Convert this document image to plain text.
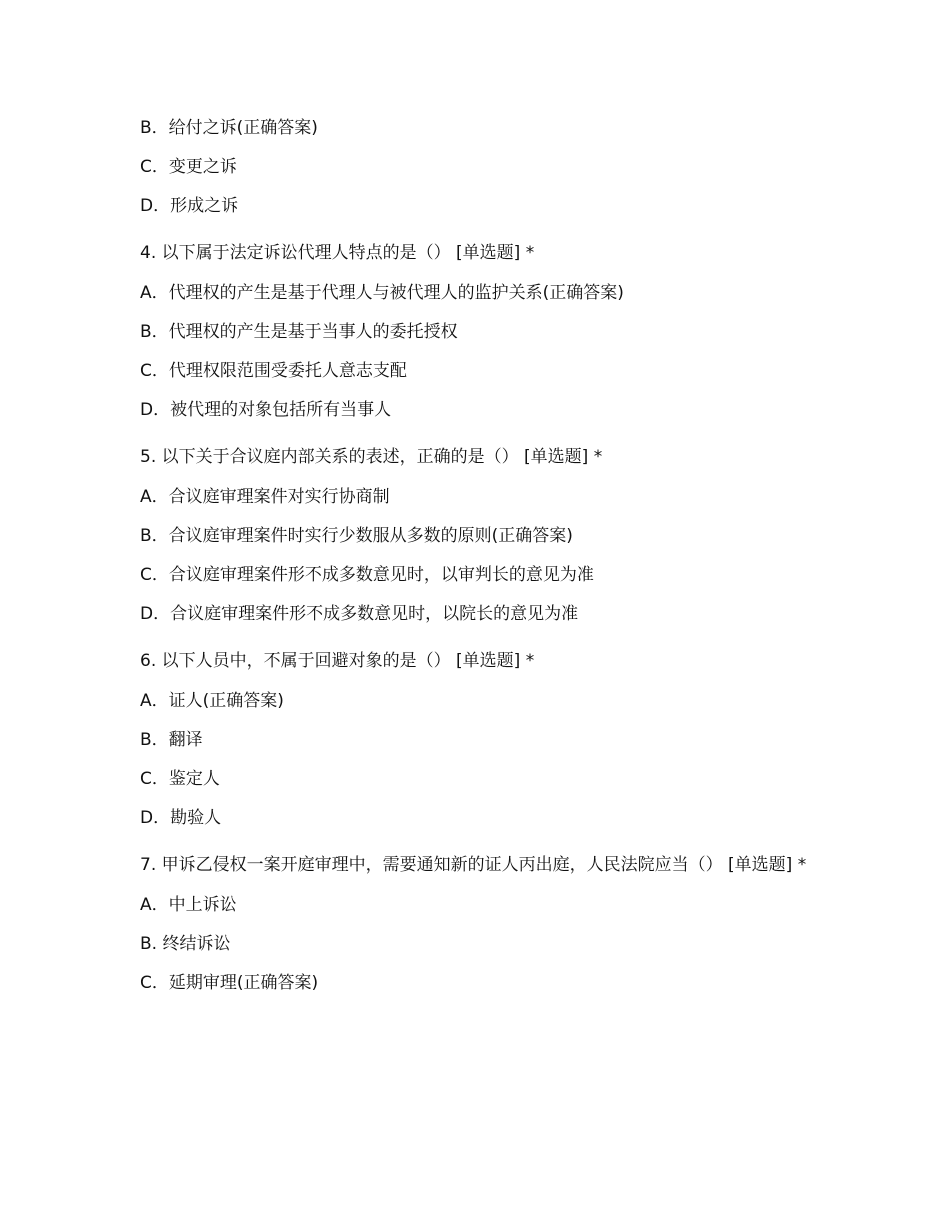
B．给付之诉(正确答案)
C．变更之诉
D．形成之诉
4. 以下属于法定诉讼代理人特点的是（） [单选题] *
A．代理权的产生是基于代理人与被代理人的监护关系(正确答案)
B．代理权的产生是基于当事人的委托授权
C．代理权限范围受委托人意志支配
D．被代理的对象包括所有当事人
5. 以下关于合议庭内部关系的表述，正确的是（） [单选题] *
A．合议庭审理案件对实行协商制
B．合议庭审理案件时实行少数服从多数的原则(正确答案)
C．合议庭审理案件形不成多数意见时，以审判长的意见为准
D．合议庭审理案件形不成多数意见时，以院长的意见为准
6. 以下人员中，不属于回避对象的是（） [单选题] *
A．证人(正确答案)
B．翻译
C．鉴定人
D．勘验人
7. 甲诉乙侵权一案开庭审理中，需要通知新的证人丙出庭，人民法院应当（） [单选题] *
A．中上诉讼
B. 终结诉讼
C．延期审理(正确答案)
